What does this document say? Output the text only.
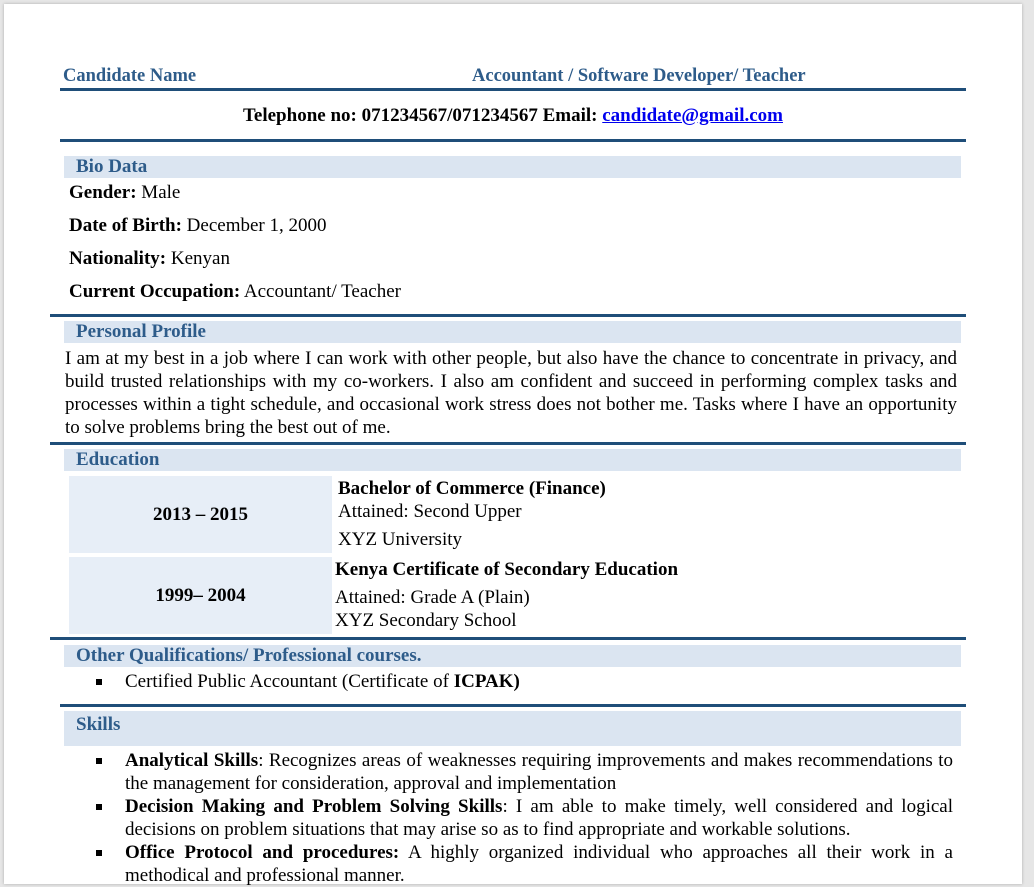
Candidate Name	Accountant / Software Developer/ Teacher
Telephone no: 071234567/071234567 Email: candidate@gmail.com
Bio Data
Gender: Male
Date of Birth: December 1, 2000
Nationality: Kenyan
Current Occupation: Accountant/ Teacher
Personal Profile
I am at my best in a job where I can work with other people, but also have the chance to concentrate in privacy, and build trusted relationships with my co-workers. I also am confident and succeed in performing complex tasks and processes within a tight schedule, and occasional work stress does not bother me. Tasks where I have an opportunity to solve problems bring the best out of me.
Education
2013 – 2015
Bachelor of Commerce (Finance)
Attained: Second Upper
XYZ University
1999– 2004
Kenya Certificate of Secondary Education
Attained: Grade A (Plain)
XYZ Secondary School
Other Qualifications/ Professional courses.
Certified Public Accountant (Certificate of ICPAK)
Skills
Analytical Skills: Recognizes areas of weaknesses requiring improvements and makes recommendations to the management for consideration, approval and implementation
Decision Making and Problem Solving Skills: I am able to make timely, well considered and logical decisions on problem situations that may arise so as to find appropriate and workable solutions.
Office Protocol and procedures: A highly organized individual who approaches all their work in a methodical and professional manner.
